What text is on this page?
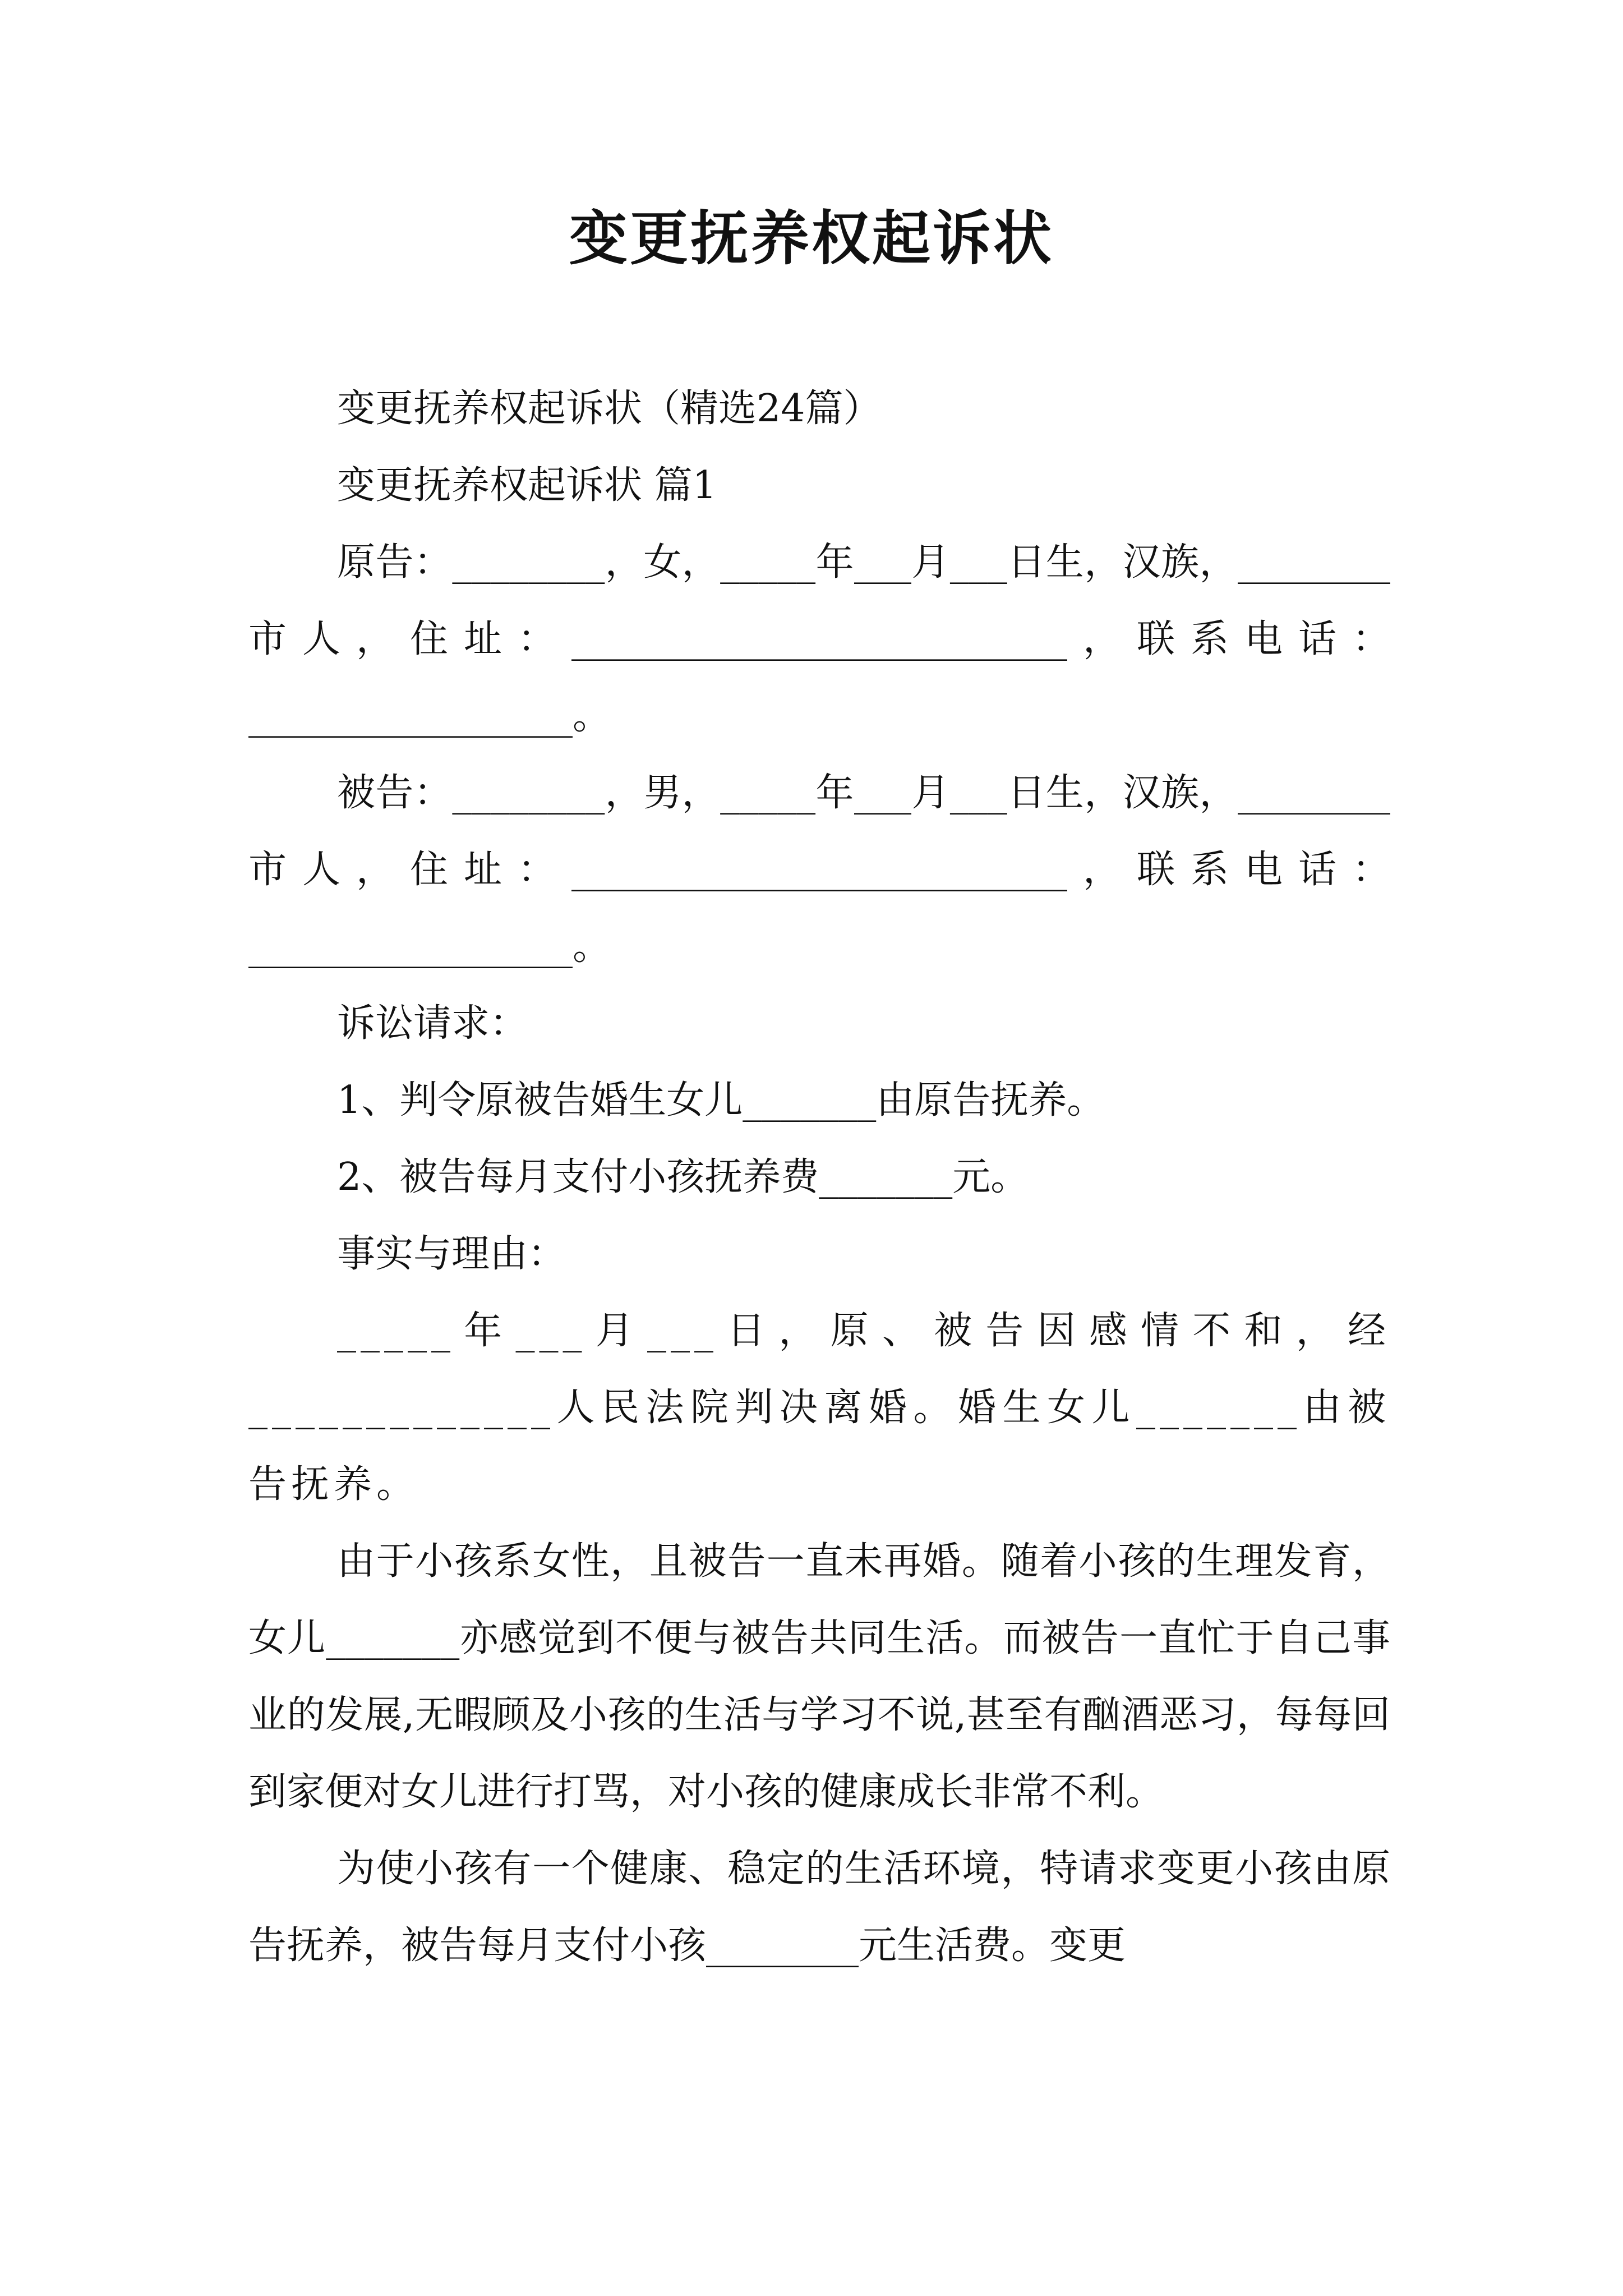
变更抚养权起诉状

变更抚养权起诉状（精选24篇）

变更抚养权起诉状 篇1

原告：________，女，_____年___月___日生，汉族，________市人，住址：__________________________，联系电话：_________________。

被告：________，男，_____年___月___日生，汉族，________市人，住址：__________________________，联系电话：_________________。

诉讼请求：

1、判令原被告婚生女儿_______由原告抚养。

2、被告每月支付小孩抚养费_______元。

事实与理由：

_____年___月___日，原、被告因感情不和，经_____________人民法院判决离婚。婚生女儿_______由被告抚养。

由于小孩系女性，且被告一直未再婚。随着小孩的生理发育，女儿_______亦感觉到不便与被告共同生活。而被告一直忙于自己事业的发展,无暇顾及小孩的生活与学习不说,甚至有酗酒恶习，每每回到家便对女儿进行打骂，对小孩的健康成长非常不利。

为使小孩有一个健康、稳定的生活环境，特请求变更小孩由原告抚养，被告每月支付小孩________元生活费。变更
